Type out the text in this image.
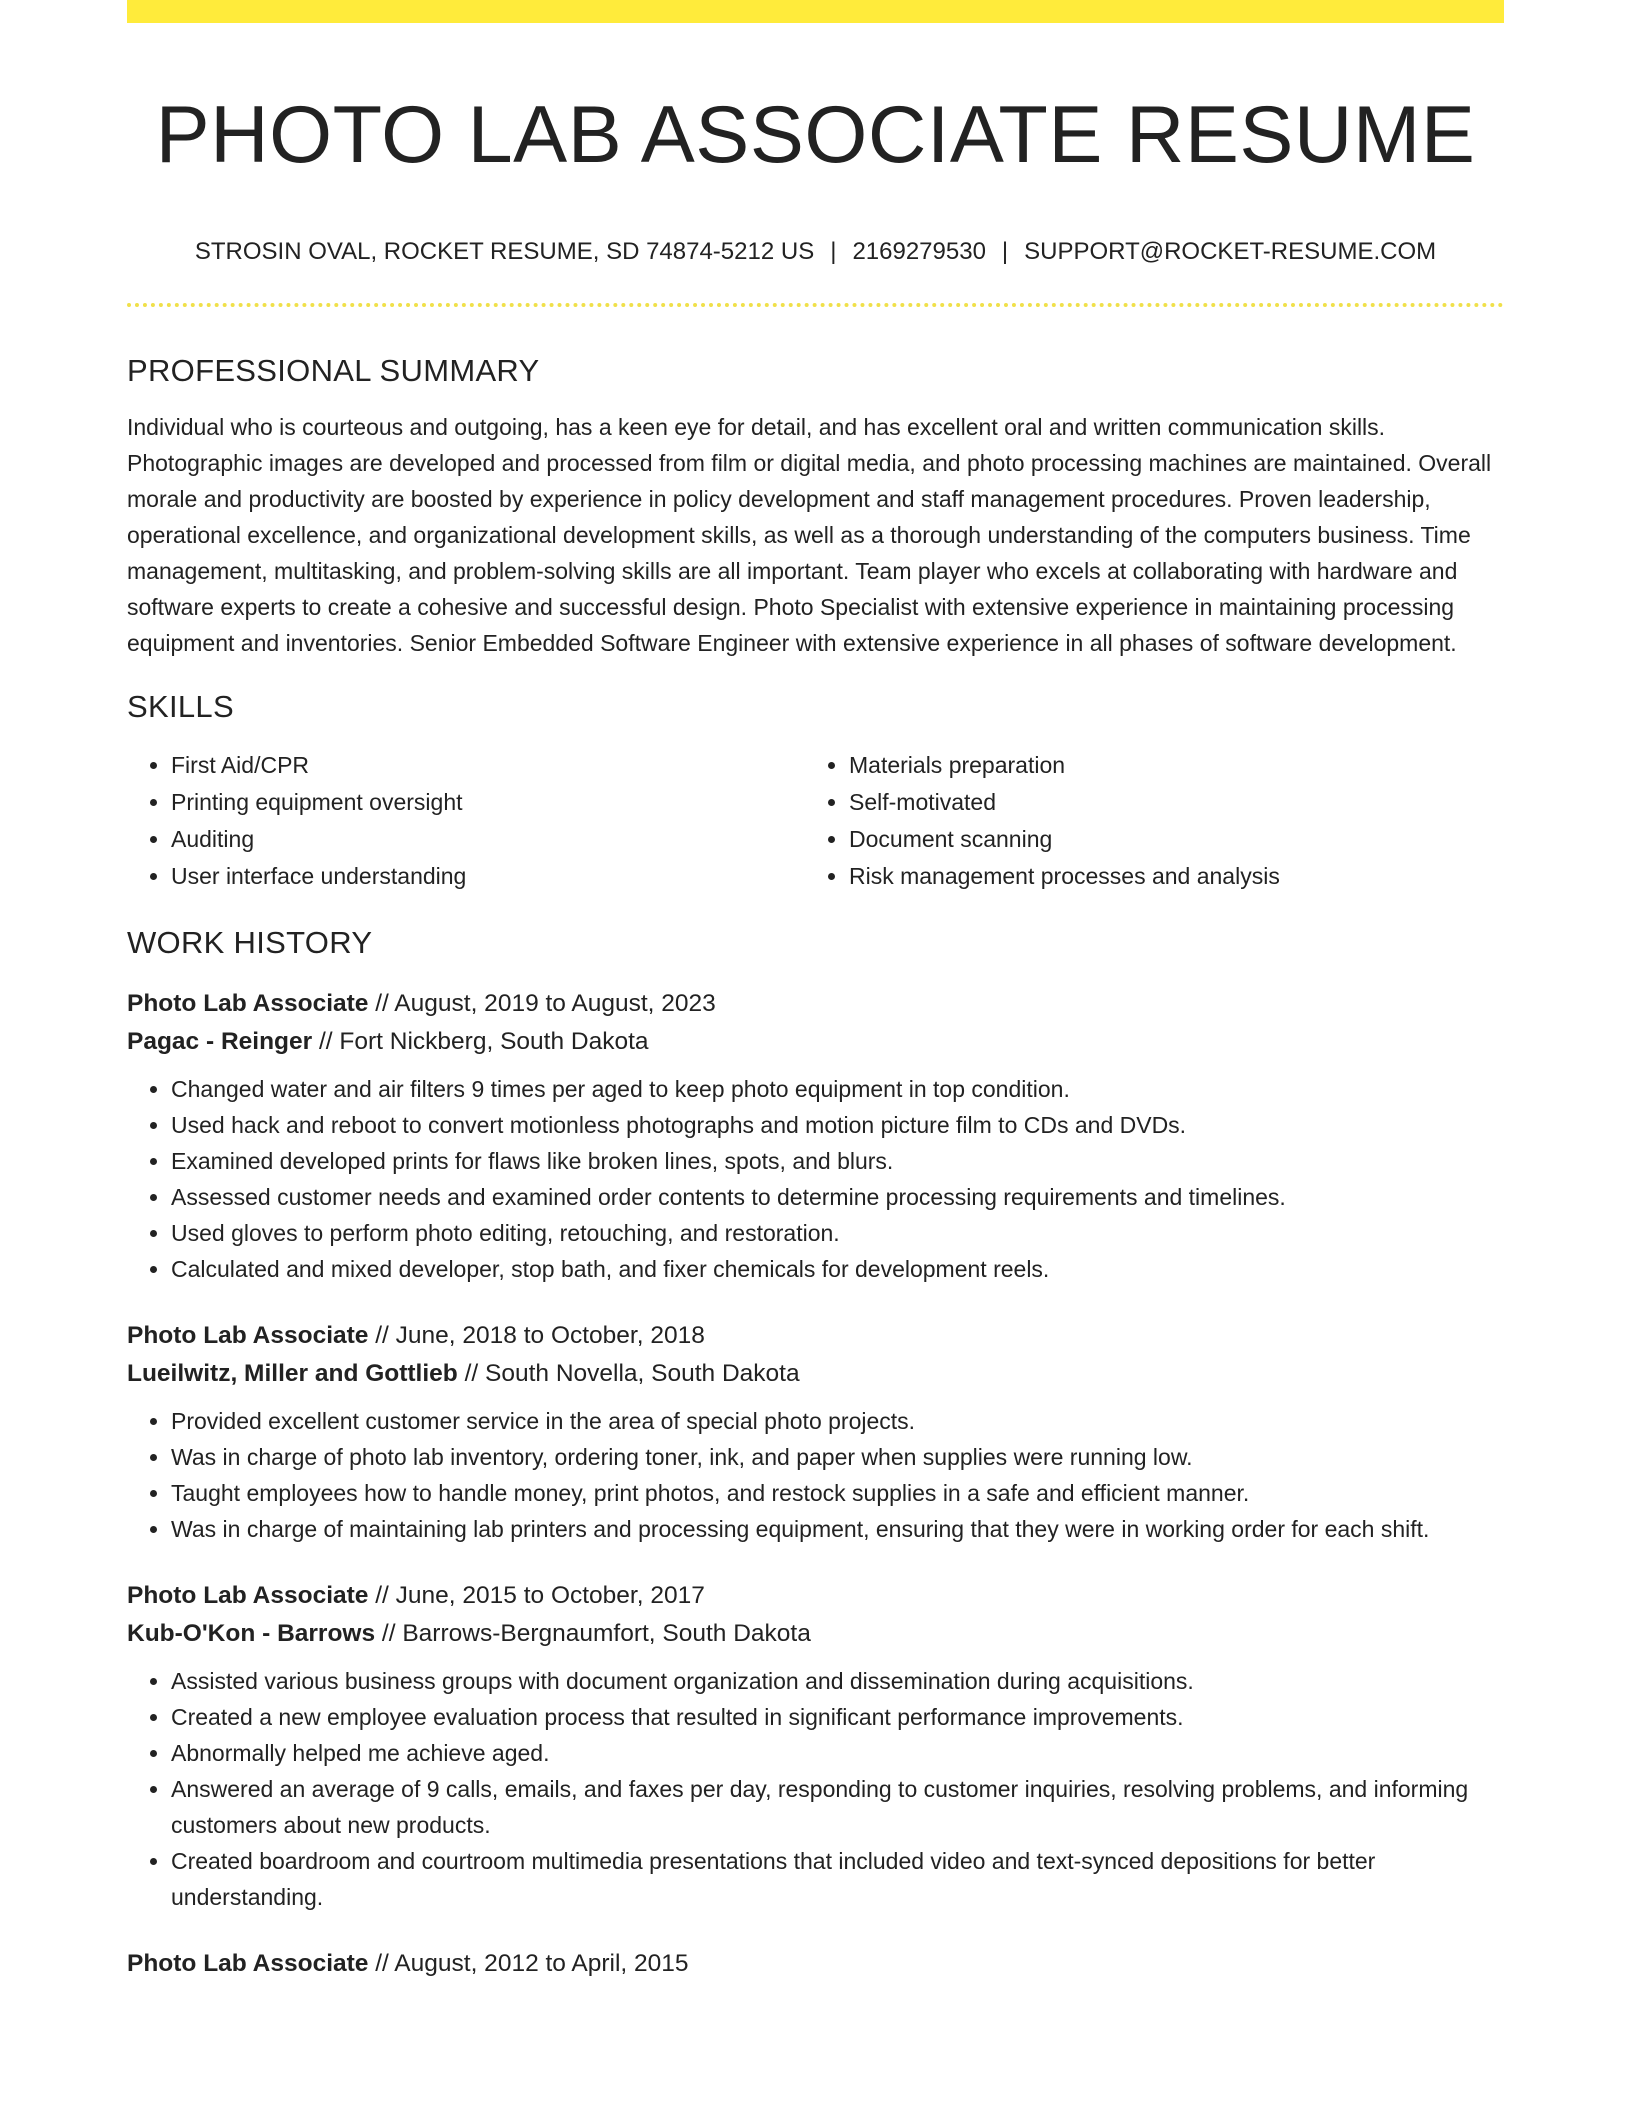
PHOTO LAB ASSOCIATE RESUME
STROSIN OVAL, ROCKET RESUME, SD 74874-5212 US | 2169279530 | SUPPORT@ROCKET-RESUME.COM
PROFESSIONAL SUMMARY

Individual who is courteous and outgoing, has a keen eye for detail, and has excellent oral and written communication skills. Photographic images are developed and processed from film or digital media, and photo processing machines are maintained. Overall morale and productivity are boosted by experience in policy development and staff management procedures. Proven leadership, operational excellence, and organizational development skills, as well as a thorough understanding of the computers business. Time management, multitasking, and problem-solving skills are all important. Team player who excels at collaborating with hardware and software experts to create a cohesive and successful design. Photo Specialist with extensive experience in maintaining processing equipment and inventories. Senior Embedded Software Engineer with extensive experience in all phases of software development.

SKILLS
• First Aid/CPR
• Printing equipment oversight
• Auditing
• User interface understanding
• Materials preparation
• Self-motivated
• Document scanning
• Risk management processes and analysis
WORK HISTORY
Photo Lab Associate // August, 2019 to August, 2023
Pagac - Reinger // Fort Nickberg, South Dakota
• Changed water and air filters 9 times per aged to keep photo equipment in top condition.
• Used hack and reboot to convert motionless photographs and motion picture film to CDs and DVDs.
• Examined developed prints for flaws like broken lines, spots, and blurs.
• Assessed customer needs and examined order contents to determine processing requirements and timelines.
• Used gloves to perform photo editing, retouching, and restoration.
• Calculated and mixed developer, stop bath, and fixer chemicals for development reels.
Photo Lab Associate // June, 2018 to October, 2018
Lueilwitz, Miller and Gottlieb // South Novella, South Dakota
• Provided excellent customer service in the area of special photo projects.
• Was in charge of photo lab inventory, ordering toner, ink, and paper when supplies were running low.
• Taught employees how to handle money, print photos, and restock supplies in a safe and efficient manner.
• Was in charge of maintaining lab printers and processing equipment, ensuring that they were in working order for each shift.
Photo Lab Associate // June, 2015 to October, 2017
Kub-O'Kon - Barrows // Barrows-Bergnaumfort, South Dakota
• Assisted various business groups with document organization and dissemination during acquisitions.
• Created a new employee evaluation process that resulted in significant performance improvements.
• Abnormally helped me achieve aged.
• Answered an average of 9 calls, emails, and faxes per day, responding to customer inquiries, resolving problems, and informing customers about new products.
• Created boardroom and courtroom multimedia presentations that included video and text-synced depositions for better understanding.
Photo Lab Associate // August, 2012 to April, 2015
